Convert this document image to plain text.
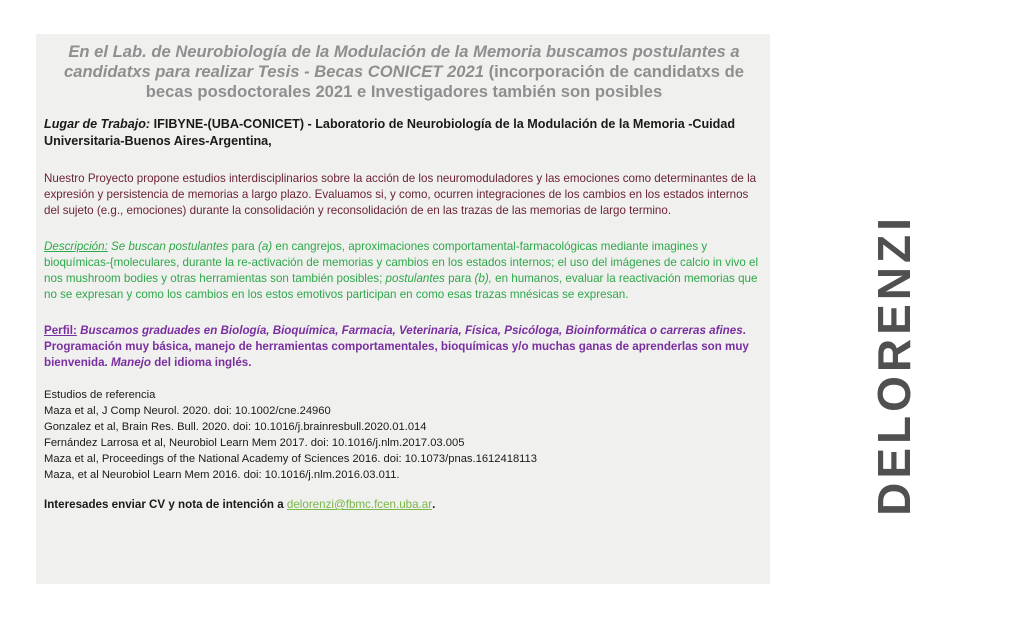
En el Lab. de Neurobiología de la Modulación de la Memoria buscamos postulantes a candidatxs para realizar Tesis - Becas CONICET 2021 (incorporación de candidatxs de becas posdoctorales 2021 e Investigadores también son posibles

Lugar de Trabajo: IFIBYNE-(UBA-CONICET) - Laboratorio de Neurobiología de la Modulación de la Memoria -Cuidad Universitaria-Buenos Aires-Argentina,

Nuestro Proyecto propone estudios interdisciplinarios sobre la acción de los neuromoduladores y las emociones como determinantes de la expresión y persistencia de memorias a largo plazo. Evaluamos si, y como, ocurren integraciones de los cambios en los estados internos del sujeto (e.g., emociones) durante la consolidación y reconsolidación de en las trazas de las memorias de largo termino.

Descripción: Se buscan postulantes para (a) en cangrejos, aproximaciones comportamental-farmacológicas mediante imagines y bioquímicas-{moleculares, durante la re-activación de memorias y cambios en los estados internos; el uso del imágenes de calcio in vivo el nos mushroom bodies y otras herramientas son también posibles; postulantes para (b), en humanos, evaluar la reactivación memorias que no se expresan y como los cambios en los estos emotivos participan en como esas trazas mnésicas se expresan.

Perfil: Buscamos graduades en Biología, Bioquímica, Farmacia, Veterinaria, Física, Psicóloga, Bioinformática o carreras afines. Programación muy básica, manejo de herramientas comportamentales, bioquímicas y/o muchas ganas de aprenderlas son muy bienvenida. Manejo del idioma inglés.

Estudios de referencia
Maza et al, J Comp Neurol. 2020. doi: 10.1002/cne.24960
Gonzalez et al, Brain Res. Bull. 2020. doi: 10.1016/j.brainresbull.2020.01.014
Fernández Larrosa et al, Neurobiol Learn Mem 2017. doi: 10.1016/j.nlm.2017.03.005
Maza et al, Proceedings of the National Academy of Sciences 2016. doi: 10.1073/pnas.1612418113
Maza, et al Neurobiol Learn Mem 2016. doi: 10.1016/j.nlm.2016.03.011.

Interesades enviar CV y nota de intención a delorenzi@fbmc.fcen.uba.ar.	DELORENZI
